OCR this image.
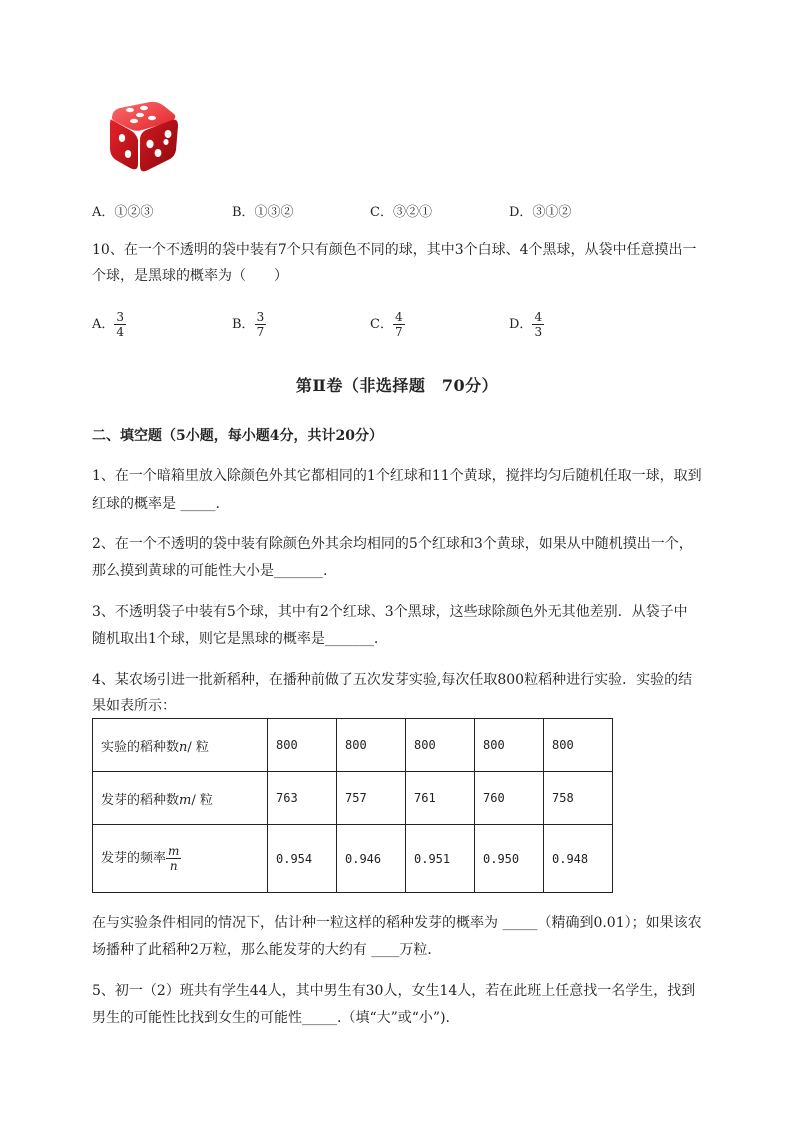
A．①②③	B．①③②	C．③②①	D．③①②
10、在一个不透明的袋中装有7个只有颜色不同的球，其中3个白球、4个黑球，从袋中任意摸出一
个球，是黑球的概率为（　　）
A． $\frac{3}{4}$	B． $\frac{3}{7}$	C． $\frac{4}{7}$	D． $\frac{4}{3}$
第Ⅱ卷（非选择题　70分）
二、填空题（5小题，每小题4分，共计20分）
1、在一个暗箱里放入除颜色外其它都相同的1个红球和11个黄球，搅拌均匀后随机任取一球，取到
红球的概率是 _____.
2、在一个不透明的袋中装有除颜色外其余均相同的5个红球和3个黄球，如果从中随机摸出一个，
那么摸到黄球的可能性大小是_______.
3、不透明袋子中装有5个球，其中有2个红球、3个黑球，这些球除颜色外无其他差别．从袋子中
随机取出1个球，则它是黑球的概率是_______.
4、某农场引进一批新稻种，在播种前做了五次发芽实验,每次任取800粒稻种进行实验．实验的结
果如表所示：
实验的稻种数n/ 粒	800	800	800	800	800
发芽的稻种数m/ 粒	763	757	761	760	758
发芽的频率 $\frac{m}{n}$	0.954	0.946	0.951	0.950	0.948
在与实验条件相同的情况下，估计种一粒这样的稻种发芽的概率为 _____（精确到0.01）；如果该农
场播种了此稻种2万粒，那么能发芽的大约有 ____万粒．
5、初一（2）班共有学生44人，其中男生有30人，女生14人，若在此班上任意找一名学生，找到
男生的可能性比找到女生的可能性_____.（填“大”或“小”).
